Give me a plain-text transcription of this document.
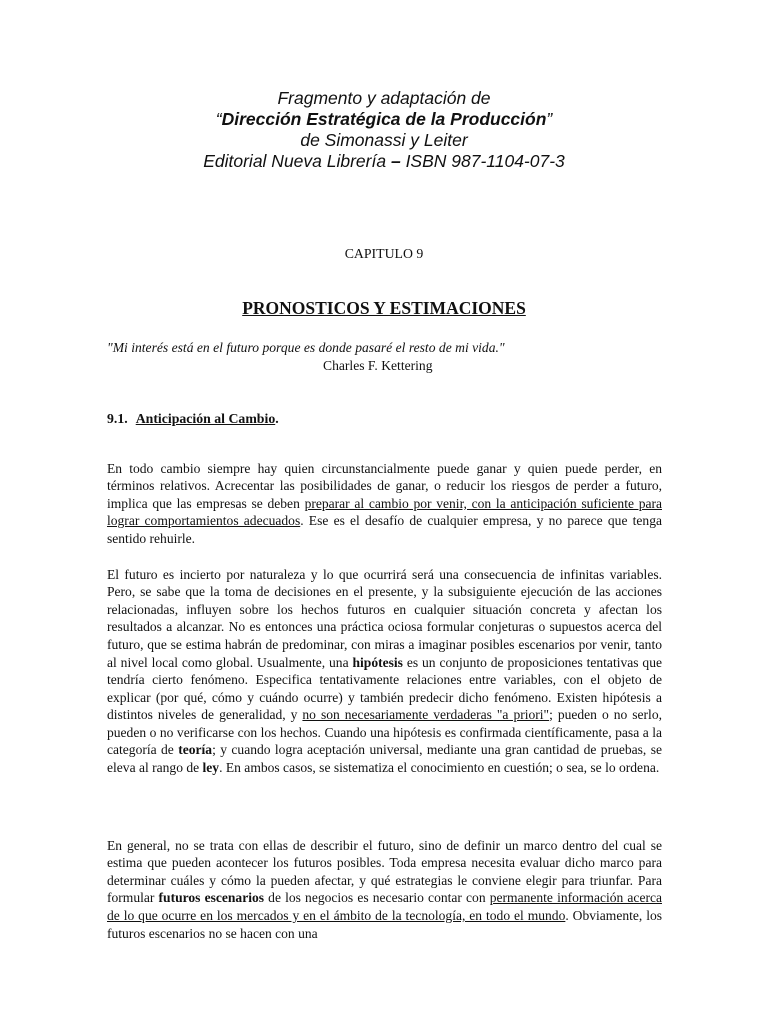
Fragmento y adaptación de
“Dirección Estratégica de la Producción”
de Simonassi y Leiter
Editorial Nueva Librería – ISBN 987-1104-07-3
CAPITULO 9
PRONOSTICOS Y ESTIMACIONES
"Mi interés está en el futuro porque es donde pasaré el resto de mi vida."
Charles F. Kettering
9.1. Anticipación al Cambio.

En todo cambio siempre hay quien circunstancialmente puede ganar y quien puede perder, en términos relativos. Acrecentar las posibilidades de ganar, o reducir los riesgos de perder a futuro, implica que las empresas se deben preparar al cambio por venir, con la anticipación suficiente para lograr comportamientos adecuados. Ese es el desafío de cualquier empresa, y no parece que tenga sentido rehuirle.

El futuro es incierto por naturaleza y lo que ocurrirá será una consecuencia de infinitas variables. Pero, se sabe que la toma de decisiones en el presente, y la subsiguiente ejecución de las acciones relacionadas, influyen sobre los hechos futuros en cualquier situación concreta y afectan los resultados a alcanzar. No es entonces una práctica ociosa formular conjeturas o supuestos acerca del futuro, que se estima habrán de predominar, con miras a imaginar posibles escenarios por venir, tanto al nivel local como global. Usualmente, una hipótesis es un conjunto de proposiciones tentativas que tendría cierto fenómeno. Especifica tentativamente relaciones entre variables, con el objeto de explicar (por qué, cómo y cuándo ocurre) y también predecir dicho fenómeno. Existen hipótesis a distintos niveles de generalidad, y no son necesariamente verdaderas "a priori"; pueden o no serlo, pueden o no verificarse con los hechos. Cuando una hipótesis es confirmada científicamente, pasa a la categoría de teoría; y cuando logra aceptación universal, mediante una gran cantidad de pruebas, se eleva al rango de ley. En ambos casos, se sistematiza el conocimiento en cuestión; o sea, se lo ordena.

En general, no se trata con ellas de describir el futuro, sino de definir un marco dentro del cual se estima que pueden acontecer los futuros posibles. Toda empresa necesita evaluar dicho marco para determinar cuáles y cómo la pueden afectar, y qué estrategias le conviene elegir para triunfar. Para formular futuros escenarios de los negocios es necesario contar con permanente información acerca de lo que ocurre en los mercados y en el ámbito de la tecnología, en todo el mundo. Obviamente, los futuros escenarios no se hacen con una
